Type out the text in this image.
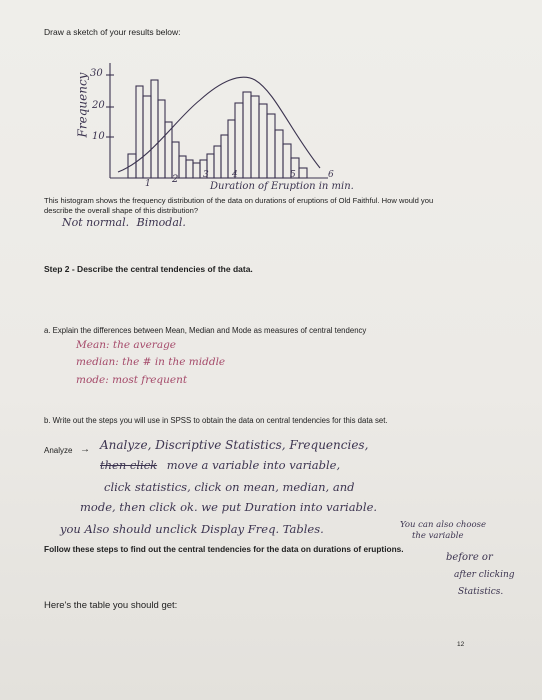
Draw a sketch of your results below:
Frequency 30
20
10
1 2	3	4	5	6
Duration of Eruption in min.
This histogram shows the frequency distribution of the data on durations of eruptions of Old Faithful. How would you describe the overall shape of this distribution?
Not normal. Bimodal.
Step 2 - Describe the central tendencies of the data.
a. Explain the differences between Mean, Median and Mode as measures of central tendency
Mean: the average
median: the # in the middle
mode: most frequent
b. Write out the steps you will use in SPSS to obtain the data on central tendencies for this data set.
Analyze → Analyze, Discriptive Statistics, Frequencies,
then click move a variable into variable,
click statistics, click on mean, median, and
mode, then click ok. we put Duration into variable.
you Also should unclick Display Freq. Tables.	You can also choose
the variable
before or
after clicking
Statistics.
Follow these steps to find out the central tendencies for the data on durations of eruptions.
Here's the table you should get:
12
